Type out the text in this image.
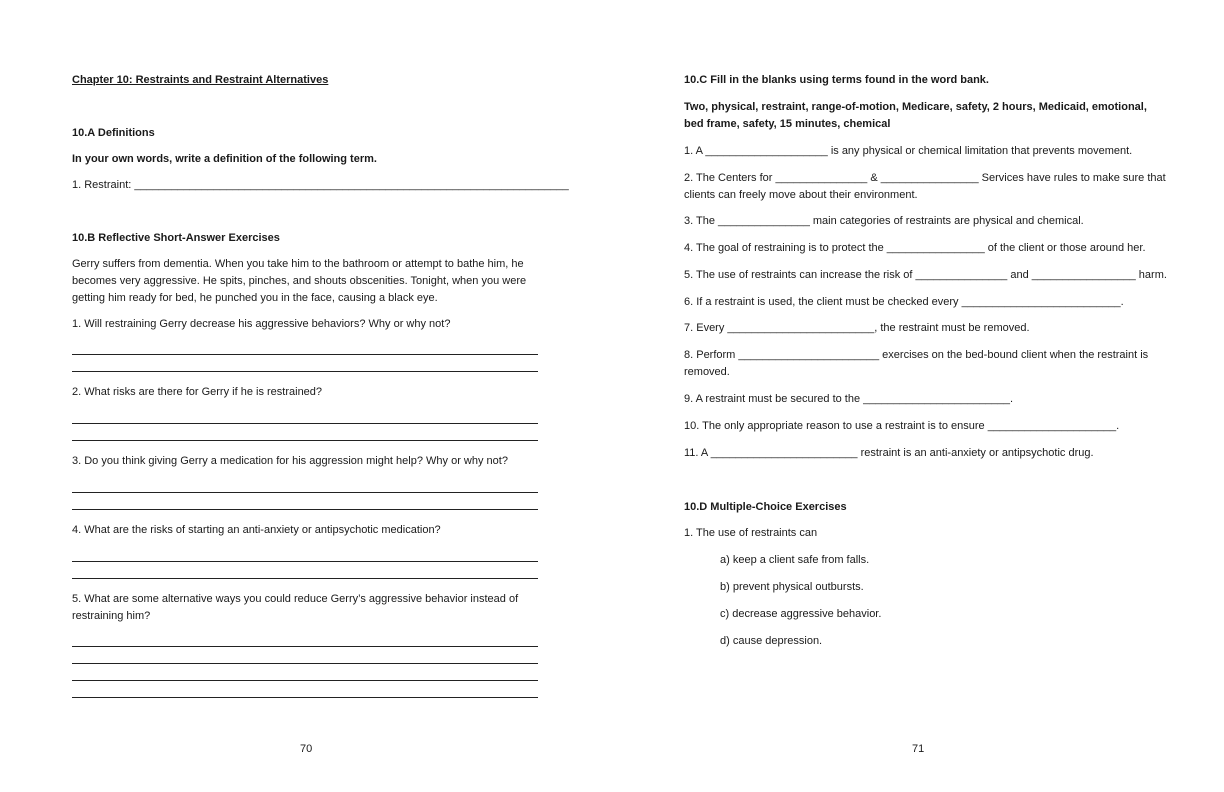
Chapter 10: Restraints and Restraint Alternatives
10.A Definitions
In your own words, write a definition of the following term.
1. Restraint: _______________________________________________________________________
10.B Reflective Short-Answer Exercises
Gerry suffers from dementia. When you take him to the bathroom or attempt to bathe him, he
becomes very aggressive. He spits, pinches, and shouts obscenities. Tonight, when you were
getting him ready for bed, he punched you in the face, causing a black eye.
1. Will restraining Gerry decrease his aggressive behaviors? Why or why not?
2. What risks are there for Gerry if he is restrained?
3. Do you think giving Gerry a medication for his aggression might help? Why or why not?
4. What are the risks of starting an anti-anxiety or antipsychotic medication?
5. What are some alternative ways you could reduce Gerry’s aggressive behavior instead of
restraining him?
70
10.C Fill in the blanks using terms found in the word bank.
Two, physical, restraint, range-of-motion, Medicare, safety, 2 hours, Medicaid, emotional,
bed frame, safety, 15 minutes, chemical
1. A ____________________ is any physical or chemical limitation that prevents movement.
2. The Centers for _______________ & ________________ Services have rules to make sure that
clients can freely move about their environment.
3. The _______________ main categories of restraints are physical and chemical.
4. The goal of restraining is to protect the ________________ of the client or those around her.
5. The use of restraints can increase the risk of _______________ and _________________ harm.
6. If a restraint is used, the client must be checked every __________________________.
7. Every ________________________, the restraint must be removed.
8. Perform _______________________ exercises on the bed-bound client when the restraint is
removed.
9. A restraint must be secured to the ________________________.
10. The only appropriate reason to use a restraint is to ensure _____________________.
11. A ________________________ restraint is an anti-anxiety or antipsychotic drug.
10.D Multiple-Choice Exercises
1. The use of restraints can
a) keep a client safe from falls.
b) prevent physical outbursts.
c) decrease aggressive behavior.
d) cause depression.
71
